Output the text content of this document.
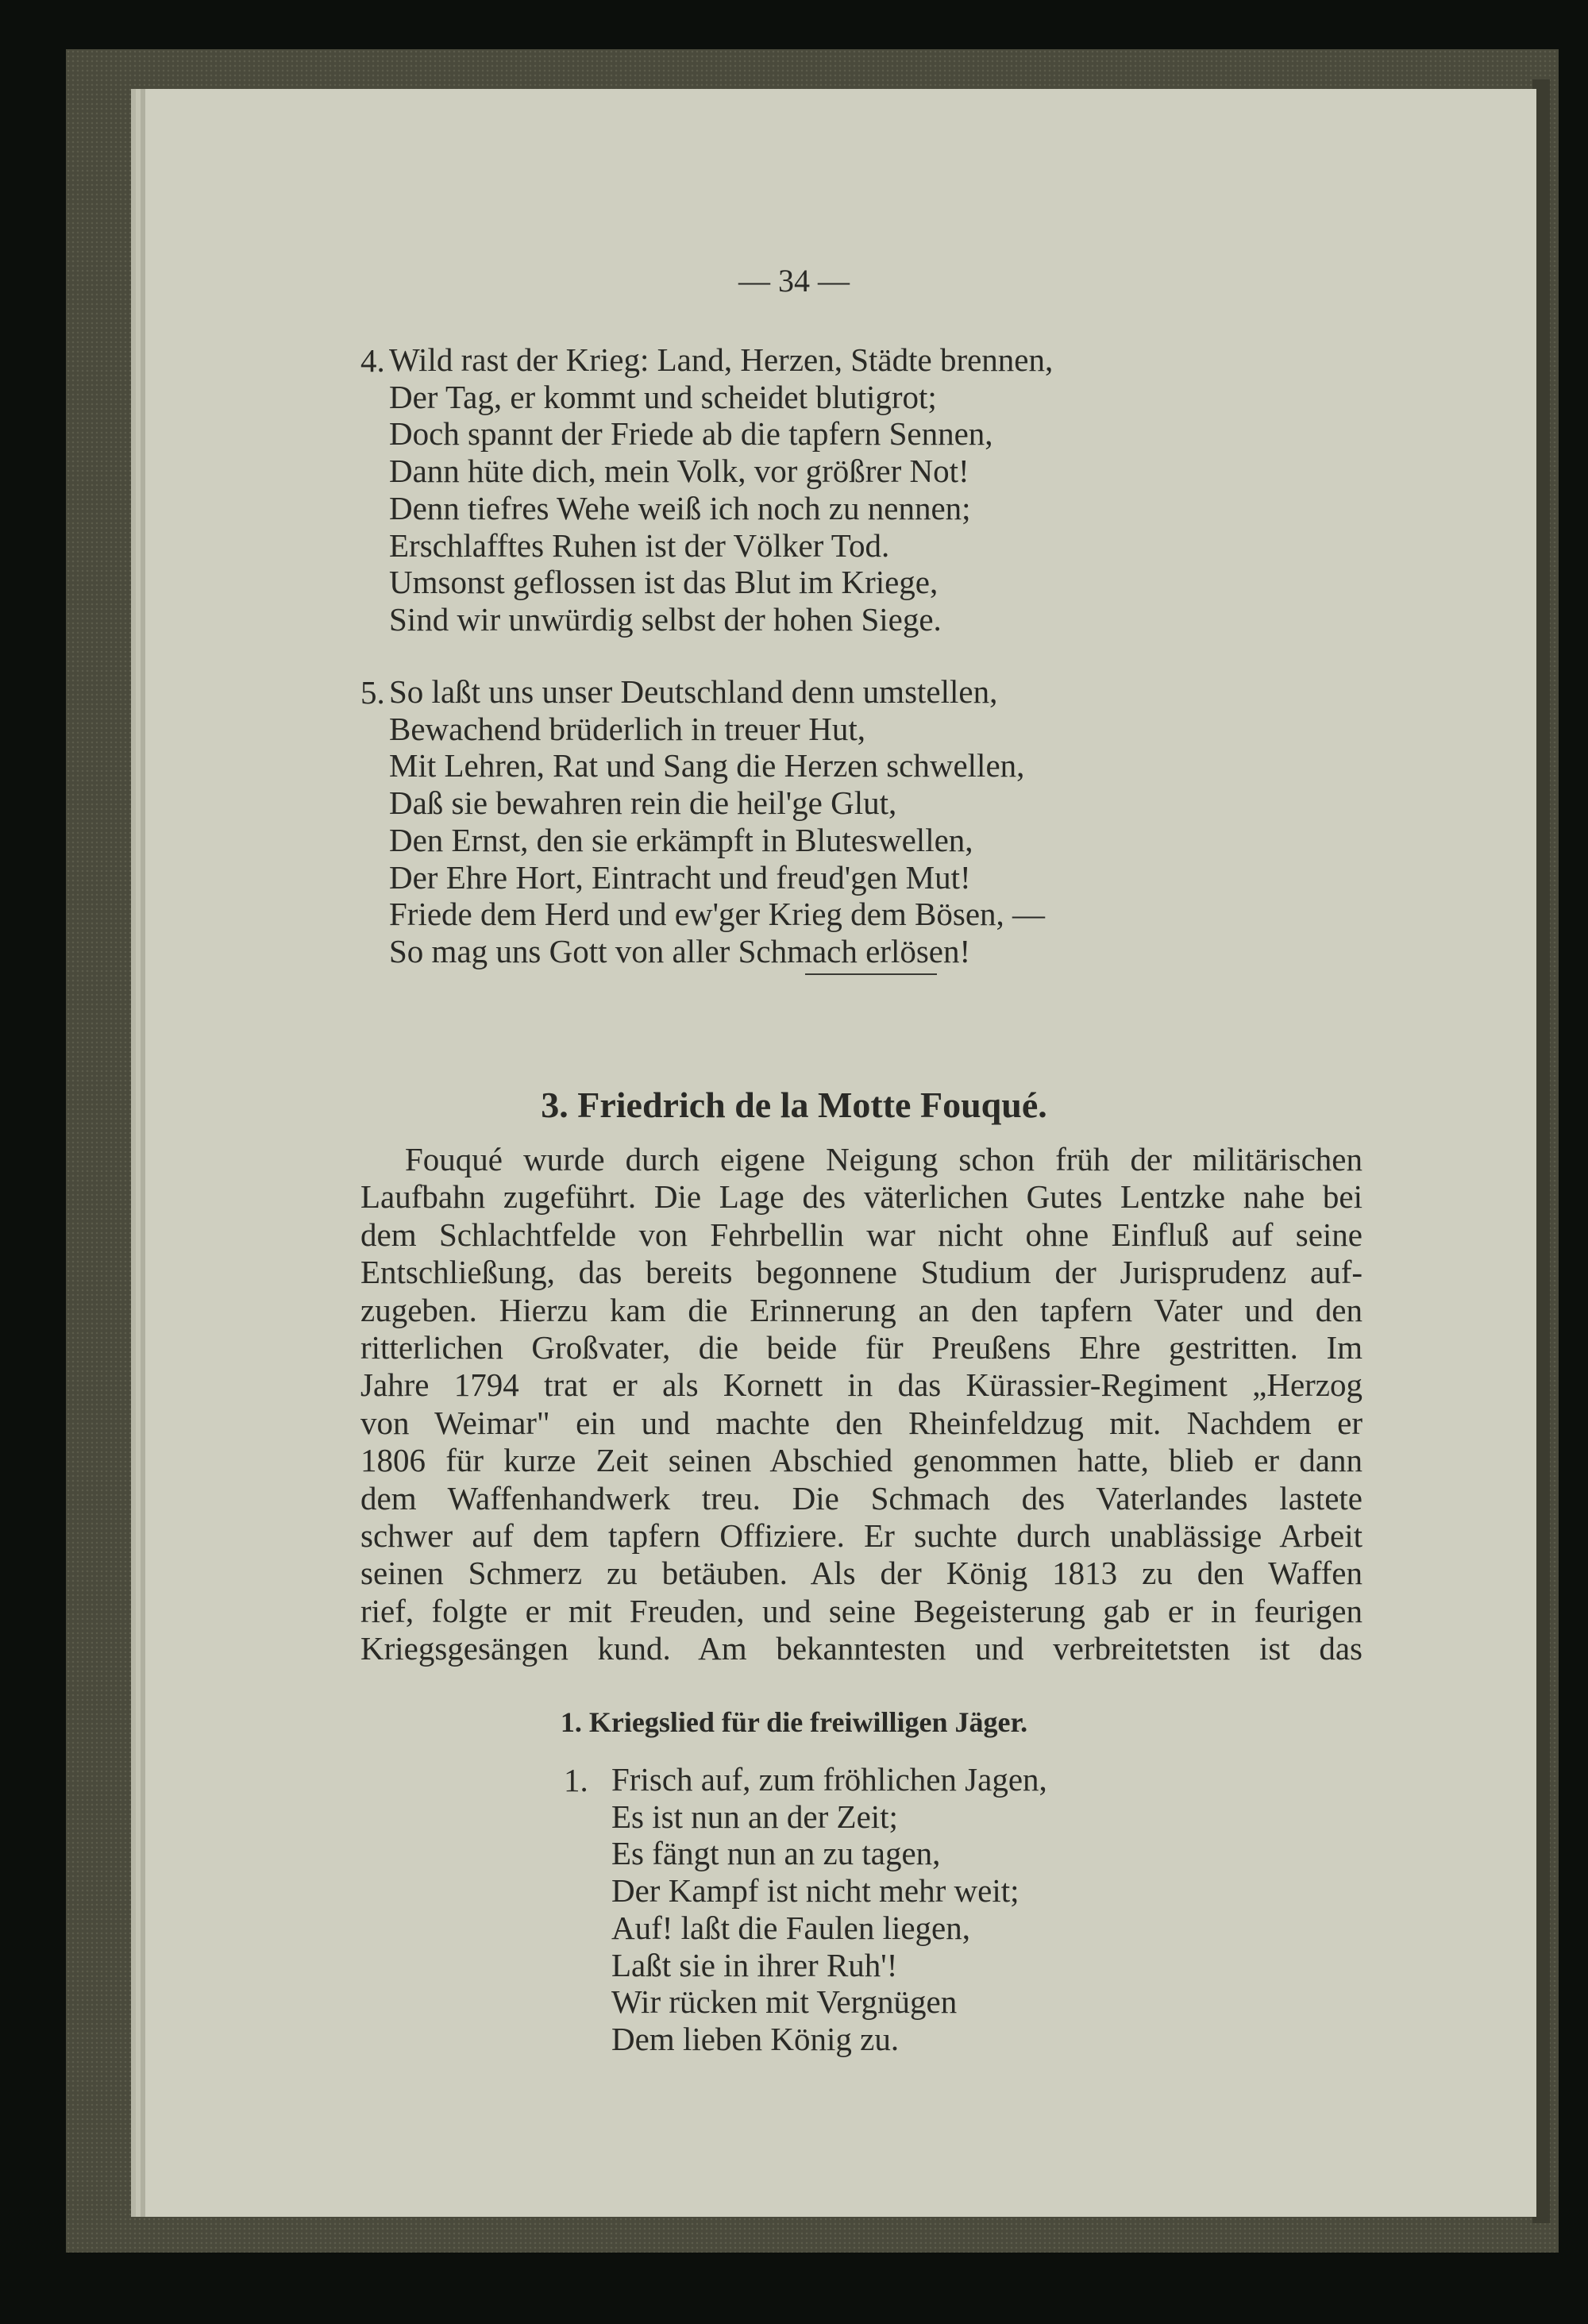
— 34 —
4. Wild rast der Krieg: Land, Herzen, Städte brennen,
Der Tag, er kommt und scheidet blutigrot;
Doch spannt der Friede ab die tapfern Sennen,
Dann hüte dich, mein Volk, vor größrer Not!
Denn tiefres Wehe weiß ich noch zu nennen;
Erschlafftes Ruhen ist der Völker Tod.
Umsonst geflossen ist das Blut im Kriege,
Sind wir unwürdig selbst der hohen Siege.
5. So laßt uns unser Deutschland denn umstellen,
Bewachend brüderlich in treuer Hut,
Mit Lehren, Rat und Sang die Herzen schwellen,
Daß sie bewahren rein die heil'ge Glut,
Den Ernst, den sie erkämpft in Bluteswellen,
Der Ehre Hort, Eintracht und freud'gen Mut!
Friede dem Herd und ew'ger Krieg dem Bösen, —
So mag uns Gott von aller Schmach erlösen!
Fouqué wurde durch eigene Neigung schon früh der militärischen
Laufbahn zugeführt. Die Lage des väterlichen Gutes Lentzke nahe bei
dem Schlachtfelde von Fehrbellin war nicht ohne Einfluß auf seine
Entschließung, das bereits begonnene Studium der Jurisprudenz auf-
zugeben. Hierzu kam die Erinnerung an den tapfern Vater und den
ritterlichen Großvater, die beide für Preußens Ehre gestritten. Im
Jahre 1794 trat er als Kornett in das Kürassier-Regiment „Herzog
von Weimar" ein und machte den Rheinfeldzug mit. Nachdem er
1806 für kurze Zeit seinen Abschied genommen hatte, blieb er dann
dem Waffenhandwerk treu. Die Schmach des Vaterlandes lastete
schwer auf dem tapfern Offiziere. Er suchte durch unablässige Arbeit
seinen Schmerz zu betäuben. Als der König 1813 zu den Waffen
rief, folgte er mit Freuden, und seine Begeisterung gab er in feurigen
Kriegsgesängen kund. Am bekanntesten und verbreitetsten ist das
1. Frisch auf, zum fröhlichen Jagen,
Es ist nun an der Zeit;
Es fängt nun an zu tagen,
Der Kampf ist nicht mehr weit;
Auf! laßt die Faulen liegen,
Laßt sie in ihrer Ruh'!
Wir rücken mit Vergnügen
Dem lieben König zu.
3. Friedrich de la Motte Fouqué.
1. Kriegslied für die freiwilligen Jäger.
